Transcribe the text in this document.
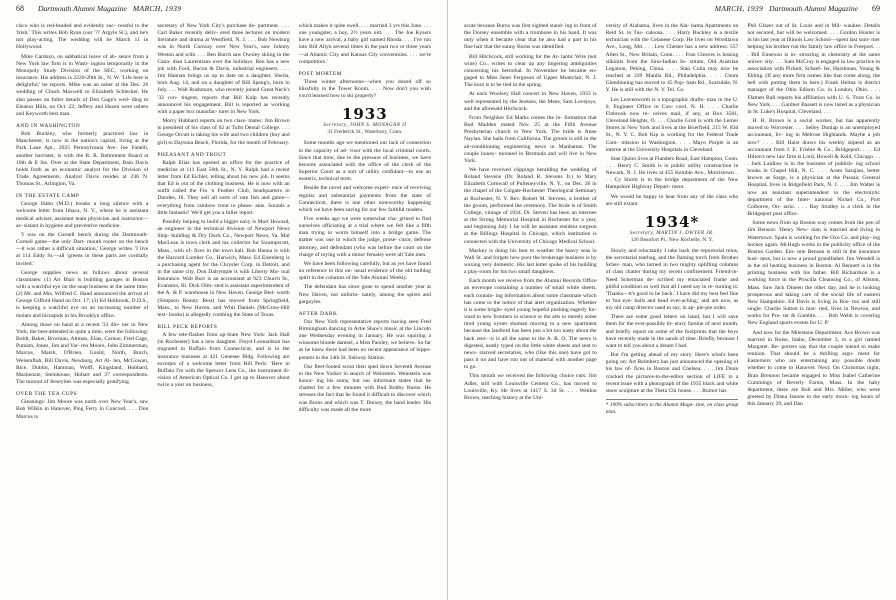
68 Dartmouth Alumni Magazine MARCH, 1939

cisco who is red-headed and evidently suc- cessful to the 'Irish.' This writes Bob Ryan (our '?? Argyle St.), and he's not play-acting. The wedding will be March 11 in Hollywood.

Mike Cardozo, on sabbatical leave of ab- sence from a New York law firm is in Wash- ington temporarily in the Monopoly Study Division of the SEC, working on insurance. His address is 2220-20th St., N. W. 'Life here is delightful,' he reports. Mike was an usher at the Dec. 26 wedding of Chuck Maxwell to Elizabeth Schlecker. He also passes on fuller details of Don Gage's wed- ding to Eleanor Hills, on Oct. 22; Jeffery and Hazen were ushers and Keyworth best man.

AND IN WASHINGTON

Bob Buckley, who formerly practiced law in Manchester, is now in the nation's capital, living at the Park Lane Apt., 2025 Pennsylvania Ave. Joe Fanelli, another barrister, is with the R. R. Retirement Board at 10th & E Sts. Over at the State Department, Bain Davis holds forth as an economic analyst for the Division of Trade Agreements. Analyst Davis resides at 236 N. Thomas St., Arlington, Va.

IN THE ESTATE CAMP

George Hahn (M.D.) breaks a long silence with a welcome letter from Ithaca, N. Y., where he is assistant medical adviser, assistant team physician and instructor—as- sistant in hygiene and preventive medicine.

'I was on the Cornell bench during the Dartmouth-Cornell game—the only Dart- mouth rooter on the bench—it was rather a difficult situation,' George writes. 'I live at 114 Eddy St.—all 'greens in these parts are cordially invited.'

George supplies news as follows about several classmates: (1) Art Blair is building garages in Boston with a watchful eye on the soap business at the same time; (2) Mr. and Mrs. Wilfred C. Hand announced the arrival of George Gifford Hand on Oct. 17; (3) Ed Holbrook, D.D.S., is keeping a watchful eye on an increasing number of molars and bicuspids in his Brooklyn office.

Among those on hand at a recent '33 din- ner in New York, the best-attended in quite a time, were the following: Boldt, Baker, Bowman, Altman, Elias, Carnoe, Fred Cage, Putnam, Jones, Jim and Var- ren Moore, John Zimmerman, Marcus, Marsh, O'Brien, Gould, North, Burch, Weisenfluh, Bill Davis, Newburg, Art Al- len, McGowan, Rice, Dublin, Hamman, Wolff, Kingsland, Hubbard, Mackenzie, Steinhouse, Hobart and 37 correspondents. The turnout of Jerseyites was especially gratifying.

OVER THE TEA CUPS

Gleanings: Jim Moore was north over New Year's, saw Bob Wilkin in Hanover, Ping Ferry in Concord. . . . Don Marcus is

secretary of New York City's purchase de- partment. . . . Carl Baker recently deliv- ered three lectures on modern literature and drama at Westfield, N. J. . . . Bob Newburg was in North Conway over New Year's, saw Johnny Weston and wife. . . . Ben Burch saw Owsley skiing in the Cana- dian Laurentians over the holidays. Ben has a new job with Ford, Bacon & Davis, industrial engineers. . . . Jim Hannan brings us up to date on a daughter, Sheila, born Aug. 14, and on a daughter of Bill Spang's, born in July. . . . Walt Rushmore, who recently joined Great Neck's '32 con- tingent, reports that Bill Kulp has recently announced his engagement. Bill is reported as working with a paper box manufac- turer in New York.

Morry Hubbard reports on two class- mates: Jim Brown is president of his class of 62 at Tufts Dental College. . . . George Orcutt is taking his wife and two children (boy and girl) to Daytona Beach, Florida, for the month of February.

PHEASANT AND TROUT

Ralph Elias has opened an office for the practice of medicine at 111 East 56th St., N. Y. Ralph had a recent letter from Ed Eichler, telling about his new job. It seems that Ed is out of the clothing business. He is now with an outfit called the Fin 'n Feather Club, headquarters in Dundee, Ill. They sell all sorts of rare fish and game— everything from rainbow trout to pheas- ants. Sounds a little fantastic! We'll get you a fuller report.

Possibly helping to build a bigger navy is Mort Howard, an engineer in the technical division of Newport News Ship- building & Dry Dock Co., Newport News, Va. Mal MacLean is town clerk and tax collector for Swampscott, Mass., with of- fices in the town hall. Bob Hanna is with the Harvard Lumber Co., Harwich, Mass. Ed Eisenberg is a purchasing agent for the Chrysler Corp. in Detroit, and in the same city, Don Dalrymple is with Liberty Mu- tual Insurance. Walt Burr is an accountant at 923 Church St., Evanston, Ill. Dick Olm- sted is assistant superintendent of the A. & P. warehouse in New Haven. George Bed- worth (Simpson Beauty Rest) has moved from Springfield, Mass., to New Haven, and Whit Daniels (McGraw-Hill text- books) is allegedly combing the State of Texas.

BILL PECK REPORTS

A few tele-flashes from up-State New York: Jack Hall (in Rochester) has a new daughter. Floyd Leonardson has migrated to Buffalo from Connecticut, and is in the insurance business at 421 Genesee Bldg. Following are excerpts of a welcome letter from Bill Peck: 'Here in Buffalo I'm with the Spencer Lens Co., the instrument di- vision of American Optical Co. I get up to Hanover about twice a year on business,

which makes it quite swell. . . . married 3 yrs this June. . . . one youngster, a boy, 2½ years old. . . . The Joe Kysers have a new arrival, a baby girl named Rhoda. . . . I've run into Bill Allyn several times in the past two or three years—at Atlantic City and Kansas City conventions. . . . we're competitors.'

POST MORTEM

Those winter afternoons—when you dozed off so blissfully in the Tower Room. . . . Now don't you wish you'd learned how to ski properly?

1933
Secretary, JOHN S. MONAGAN II
31 Frederick St., Waterbury, Conn.

Some months ago we mentioned our lack of connection in the capacity of ad- visor with the local criminal courts. Since that time, due to the pressure of business, we have become associated with the office of the clerk of the Superior Court as a sort of utility confidant—to use an esoteric, technical term.

Beside the novel and welcome experi- ence of receiving regular and substantial payments from the state of Connecticut, there is one other noteworthy happening which we have been saving for our few faithful readers.

Five weeks ago we were somewhat cha- grined to find ourselves officiating at a trial where we felt like a fifth man trying to worm himself into a bridge game. The matter was one in which the judge, prose- cutor, defense attorney, and defendant (who was before the court on the charge of toying with a minor female) were all Yale men.

We have been following carefully, but as yet have found no reference to this un- usual evidence of the old bulldog spirit in the columns of the Yale Alumni Weekly.

The defendant has since gone to spend another year at New Haven, not unfortu- nately, among the spires and gargoyles.

AFTER DARK

Our New York representative reports having seen Fred Birmingham dancing to Artie Shaw's music at the Lincoln one Wednesday evening in January. He was squiring a winsome blonde damsel, a Miss Parsley, we believe. So far as he knew there had been no recent appearance of hippo- potami in the 14th St. Subway Station.

Our fleet-footed scout then sped down Seventh Avenue to the New Yorker in search of Weinstein. Weinstein was honor- ing his sums, but our informant states that he chatted for a few minutes with Bud Bobby Burns. He stresses the fact that he found it difficult to discover which was Burns and which was T. Dorsey, the band leader. His difficulty was made all the more

MARCH, 1939 Dartmouth Alumni Magazine 69

acute because Burns was first sighted stand- ing in front of the Dorsey ensemble with a trombone in his hand. It was only when it became clear that he also had a part in his fine hair that the sunny Burns was identified.

Bill Hitchcock, still working for the At- lantic Wire (not wine) Co., writes to clear up any lingering ambiguities concerning his betrothal. In November he became en- gaged to Miss Janet Ferguson of Upper Montclair, N. J. The knot is to be tied in the spring.

At each Woolsey Hall concert in New Haven, 1933 is well represented by the Jenkses, the Mees, Sam Lovejoys, and the aforesaid Hitchcock.

From Neighbor Ed Marks comes the in- formation that Bud Madden mated Nov. 25 at the Fifth Avenue Presbyterian church in New York. The bride is Anne Naylan. She hails from California. The groom is still in the air-conditioning engineering news in Manhattan. The couple honey- mooned in Bermuda and will live in New York.

We have received clippings heralding the wedding of Roland Stevens (Dr. Roland R. Stevens Jr.) to Mary Elizabeth Cornwall of Pulteneyville, N. Y., on Dec. 26 in the chapel of the Colgate-Rochester Theological Seminary at Rochester, N. Y. Rev. Robert M. Stevens, a brother of the groom, performed the ceremony. The bride is of Smith College, vintage of 1934. Dr. Steven has been an internee at the Strong Memorial Hospital in Rochester for a year, and beginning July 1 he will be assistant resident surgeon at the Billings Hospital in Chicago, which institution is connected with the University of Chicago Medical School.

Mackey is doing his best to weather the heavy seas in Wall St. and forgets how poor the brokerage business is by waxing very domestic. His last letter spoke of his building a play-room for his two small daughters.

Each month we receive from the Alumni Records Office an envelope containing a number of small white sheets, each contain- ing information about some classmate which has come to the notice of that alert organization. Whether it is some bright- eyed young hopeful pushing eagerly for- ward to new frontiers in science or the arts or merely some tired young oyster shoman moving to a new apartment because the landlord has been just a bit too nasty about the hack rent—it is all the same to the A. R. O. The news is digested, neatly typed on the little white sheets and sent to news- starved secretaries, who (like this one) have got to pass it on and have run out of material with another page to go.

This month we received the following choice cuts: Jim Adler, still with Louisville Cement Co., has moved to Louisville, Ky. He lives at 1417 S. 3d St. . . . Weldon Brown, teaching history at the Uni-

versity of Alabama, lives in the Ala- bama Apartments on Reid St. in Tus- caloosa. . . . Harry Buckley is a textile technician with the Celanese Corp. He lives on Woodlawn Ave., Long, Md. . . . Lew Chester has a new address: 557 Allen St., New Britain, Conn. . . . Fran Cleaves is hissing silkinits from the Sino-Indian In- stitute, Old Austrian Legation, Peking, China. . . . Stan Coila may now be reached at 339 Manila Rd., Philadelphia. . . . Chum Glendinning has moved to 45 Pop- ham Rd., Scarsdale, N. Y. He is still with the N. Y. Tel. Co.

Les Leavenworth is a topographic drafts- man in the U. S. Engineer Office in Con- cord, N. H. . . . Charlie Finbrook now re- ceives mail, if any, at Box 3581, Cleveland Heights, O. . . . Charlie Grob is with the Lerner Stores in New York and lives at the Brierfield, 215 W. 83d St., N. Y. C. Bob Kip is working for the Federal Trade Com- mission in Washington. . . . Mayo Purple is an interne at the University Hospitals in Cleveland.

Stan Quinn lives at Flanders Road, East Hampton, Conn. . . . Henry C. Smith is in public utility construction in Newark, N. J. He lives at 455 Kemble Ave., Morristown. . . . Cy Sturm is in the bridge department of the New Hampshire Highway Depart- ment.

We would be happy to hear from any of the class who are still extant.

1934*
Secretary, MARTIN J. DWYER JR.
126 Beaufort Pl., New Rochelle, N. Y.

Slowly and reluctantly I take back the reportorial reins, the secretarial tearbag, and the flaming torch from Brother Scher- man, who turned in two mighty uplifting columns of class chatter during my recent confinement. Friend-in-Need Scherman de- scribed my emaciated frame and pitiful condition so well that all I need say in re- turning is: 'Thanks—it's good to be back.' I have did my best feel fine to 'but eye- balls and head ever-aching,' and am now, as my old camp director used to say, in ap- ple-pie order.

There are some good letters on hand, but I will save them for the ever-possible lit- erary famine of next month, and briefly report on some of the footprints that the boys have recently made in the sands of time. Briefly, because I want to tell you about a dream I had.

But I'm getting ahead of my story. Here's what's been going on: Art Reimherz has just announced the opening of his law of- fices in Boston and Chelsea. . . . Jim Dunn cracked the pictures-to-the-editor section of LIFE in a recent issue with a photograph of the 1935 black and white snow sculpture at the Theta Chi house. . . . Rumor has

* 100% subscribers to the Alumni Maga- zine, on class group plan.

Phil Glazer out of St. Louis and in Mil- waukee. Details not secured, but will be welcomed. . . . Gordon Hunter is in his last year at Illinois Law School—spent last sum- mer helping his brother run the family law office in Freeport. . . . Bill Emerson is in- structing in chemistry at the same univer- sity. . . . Sam McCray is engaged in law practice in association with Pickett, Schaef- fer, Harshman, Young & Ebling. (If any more firm names like that come along, the hell with putting them in here.) Frank Helma is district manager of the Ohio Edison Co. in London, Ohio. . . . Flamen Ball reports his affiliation with U. S. Trust Co. in New York. . . . Gardner Bassett is now listed as a physician in St. Luke's Hospital, Cleveland. . . .

H. B. Brown is a social worker, but has apparently moved to Worcester. . . . Selley Dunlap is an unemployed accountant, liv- ing in Melrose Highlands. Maybe a job now? . . . Bill Haist draws his weekly stipend as an accountant from J. E. Frisbie & Co., Bridgeport. . . . Ed Hilton's new law firm is Lord, Howell & Kohl, Chicago. . . . Jack Laidlaw is in the business of publish- ing school books in Chapel Hill, N. C. . . . Aram Sarajian, better known as Sarge, is a physician at the Passaic General Hospital, lives in Ridgefield Park, N. J. . . . Jim Walter is now an assistant superintendent in the electrolytic department of the Inter- national Nickel Co., Port Colborne, On- tario. . . . Ray Studley is a clerk in the Bridgeport post office.

Some news from up Boston way comes from the pen of Jim Benson: 'Henry New- man is married and living in Watertown. Spain is working for the Oxo Co. and play- ing hockey again. McHugh works in the publicity office of the Boston Garden. Em- mie Benson is still in the insurance busi- ness, but is now a proud grandfather. Jim Wendell is in the oil heating business in Boston. Al Bennett is in the printing business with his father. Bill Richardson is a working force in the Priscilla Cleansing Co., of Allston, Mass. Saw Jack Dineen the other day, and he is looking prosperous and taking care of the social life of eastern New Hampshire. Ed Davis is living in Bos- ton and still single. Charlie Sutton is mar- ried, lives in Newton, and works for Pro- ter & Gamble. . . . Bob Webb is covering New England sports events for U. P.'

And now for the Milestone Department. Ace Brown was married in Boise, Idaho, December 3, to a girl named Margaret. Re- porters say that the couple intend to make reunion. That should be a thrilling argu- ment for Easterners who are entertaining any possible doubt whether to come to Hanover. Next: On Christmas night, Bran Brennon became engaged to Miss Isabel Catherine Cummings of Beverly Farms, Mass. In the baby department, there are Bob and Mrs. Miller, who were greeted by Diana Jeanne in the early morn- ing hours of this January 29, and Dan
